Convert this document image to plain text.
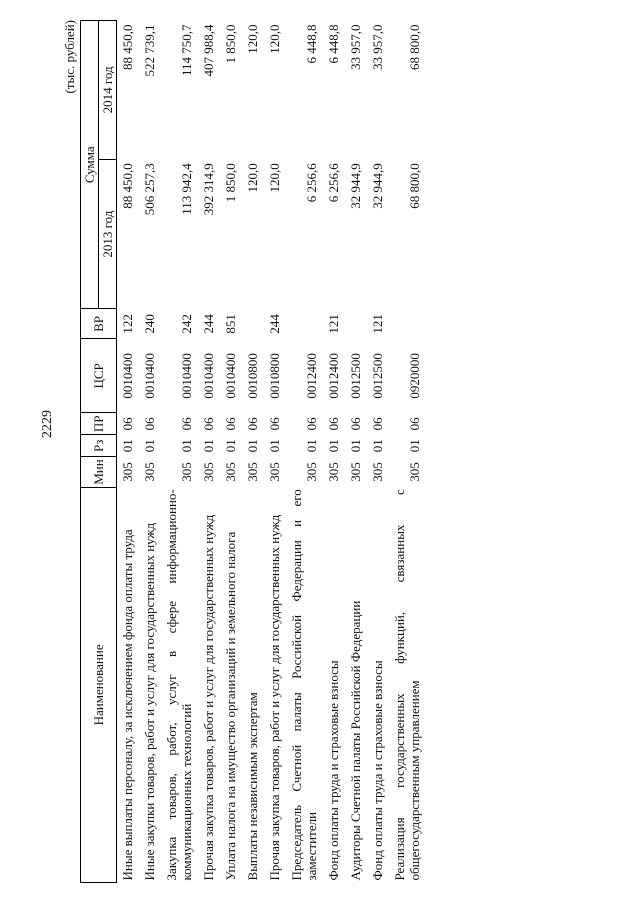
2229
(тыс. рублей)
Наименование	Мин	Рз	ПР	ЦСР	ВР	Сумма	
						2013 год	2014 год
Иные выплаты персоналу, за исключением фонда оплаты труда	305	01	06	0010400	122	88 450,0	88 450,0
Иные закупки товаров, работ и услуг для государственных нужд	305	01	06	0010400	240	506 257,3	522 739,1
Закупка товаров, работ, услуг в сфере информационно-коммуникационных технологий	305	01	06	0010400	242	113 942,4	114 750,7
Прочая закупка товаров, работ и услуг для государственных нужд	305	01	06	0010400	244	392 314,9	407 988,4
Уплата налога на имущество организаций и земельного налога	305	01	06	0010400	851	1 850,0	1 850,0
Выплаты независимым экспертам	305	01	06	0010800		120,0	120,0
Прочая закупка товаров, работ и услуг для государственных нужд	305	01	06	0010800	244	120,0	120,0
Председатель Счетной палаты Российской Федерации и его заместители	305	01	06	0012400		6 256,6	6 448,8
Фонд оплаты труда и страховые взносы	305	01	06	0012400	121	6 256,6	6 448,8
Аудиторы Счетной палаты Российской Федерации	305	01	06	0012500		32 944,9	33 957,0
Фонд оплаты труда и страховые взносы	305	01	06	0012500	121	32 944,9	33 957,0
Реализация государственных функций, связанных с общегосударственным управлением	305	01	06	0920000		68 800,0	68 800,0
